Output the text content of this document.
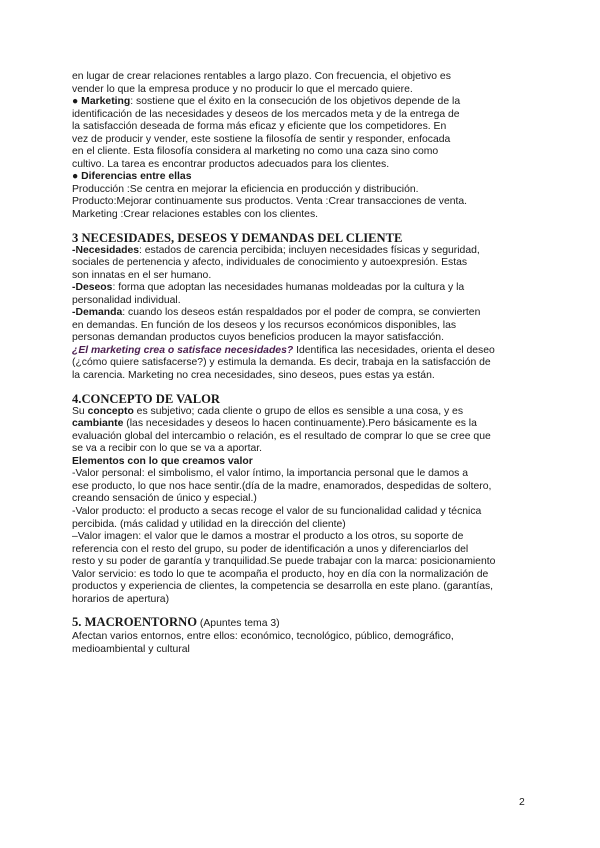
en lugar de crear relaciones rentables a largo plazo. Con frecuencia, el objetivo es
vender lo que la empresa produce y no producir lo que el mercado quiere.
● Marketing: sostiene que el éxito en la consecución de los objetivos depende de la
identificación de las necesidades y deseos de los mercados meta y de la entrega de
la satisfacción deseada de forma más eficaz y eficiente que los competidores. En
vez de producir y vender, este sostiene la filosofía de sentir y responder, enfocada
en el cliente. Esta filosofía considera al marketing no como una caza sino como
cultivo. La tarea es encontrar productos adecuados para los clientes.
● Diferencias entre ellas
Producción :Se centra en mejorar la eficiencia en producción y distribución.
Producto:Mejorar continuamente sus productos. Venta :Crear transacciones de venta.
Marketing :Crear relaciones estables con los clientes.
3 NECESIDADES, DESEOS Y DEMANDAS DEL CLIENTE
-Necesidades: estados de carencia percibida; incluyen necesidades físicas y seguridad,
sociales de pertenencia y afecto, individuales de conocimiento y autoexpresión. Estas
son innatas en el ser humano.
-Deseos: forma que adoptan las necesidades humanas moldeadas por la cultura y la
personalidad individual.
-Demanda: cuando los deseos están respaldados por el poder de compra, se convierten
en demandas. En función de los deseos y los recursos económicos disponibles, las
personas demandan productos cuyos beneficios producen la mayor satisfacción.
¿El marketing crea o satisface necesidades? Identifica las necesidades, orienta el deseo
(¿cómo quiere satisfacerse?) y estimula la demanda. Es decir, trabaja en la satisfacción de
la carencia. Marketing no crea necesidades, sino deseos, pues estas ya están.
4.CONCEPTO DE VALOR
Su concepto es subjetivo; cada cliente o grupo de ellos es sensible a una cosa, y es
cambiante (las necesidades y deseos lo hacen continuamente).Pero básicamente es la
evaluación global del intercambio o relación, es el resultado de comprar lo que se cree que
se va a recibir con lo que se va a aportar.
Elementos con lo que creamos valor
-Valor personal: el simbolismo, el valor íntimo, la importancia personal que le damos a
ese producto, lo que nos hace sentir.(día de la madre, enamorados, despedidas de soltero,
creando sensación de único y especial.)
-Valor producto: el producto a secas recoge el valor de su funcionalidad calidad y técnica
percibida. (más calidad y utilidad en la dirección del cliente)
–Valor imagen: el valor que le damos a mostrar el producto a los otros, su soporte de
referencia con el resto del grupo, su poder de identificación a unos y diferenciarlos del
resto y su poder de garantía y tranquilidad.Se puede trabajar con la marca: posicionamiento
Valor servicio: es todo lo que te acompaña el producto, hoy en día con la normalización de
productos y experiencia de clientes, la competencia se desarrolla en este plano. (garantías,
horarios de apertura)
5. MACROENTORNO (Apuntes tema 3)
Afectan varios entornos, entre ellos: económico, tecnológico, público, demográfico,
medioambiental y cultural
2
